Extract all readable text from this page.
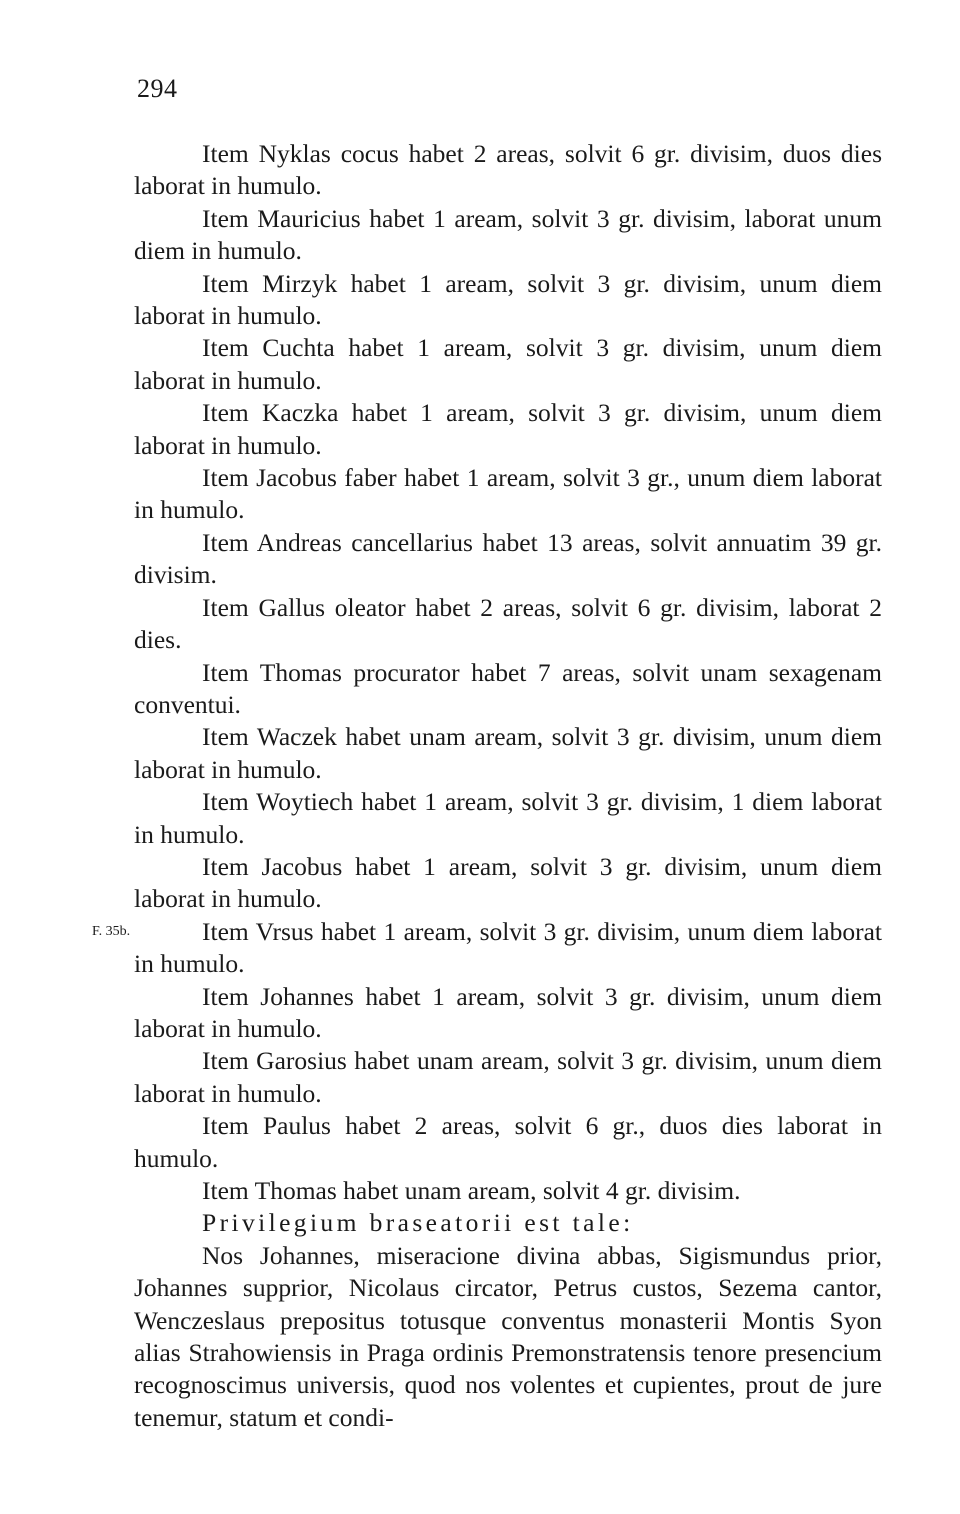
294
F. 35b.

Item Nyklas cocus habet 2 areas, solvit 6 gr. divisim, duos dies laborat in humulo.

Item Mauricius habet 1 aream, solvit 3 gr. divisim, laborat unum diem in humulo.

Item Mirzyk habet 1 aream, solvit 3 gr. divisim, unum diem laborat in humulo.

Item Cuchta habet 1 aream, solvit 3 gr. divisim, unum diem laborat in humulo.

Item Kaczka habet 1 aream, solvit 3 gr. divisim, unum diem laborat in humulo.

Item Jacobus faber habet 1 aream, solvit 3 gr., unum diem laborat in humulo.

Item Andreas cancellarius habet 13 areas, solvit annuatim 39 gr. divisim.

Item Gallus oleator habet 2 areas, solvit 6 gr. divisim, laborat 2 dies.

Item Thomas procurator habet 7 areas, solvit unam sexagenam conventui.

Item Waczek habet unam aream, solvit 3 gr. divisim, unum diem laborat in humulo.

Item Woytiech habet 1 aream, solvit 3 gr. divisim, 1 diem laborat in humulo.

Item Jacobus habet 1 aream, solvit 3 gr. divisim, unum diem laborat in humulo.

Item Vrsus habet 1 aream, solvit 3 gr. divisim, unum diem laborat in humulo.

Item Johannes habet 1 aream, solvit 3 gr. divisim, unum diem laborat in humulo.

Item Garosius habet unam aream, solvit 3 gr. divisim, unum diem laborat in humulo.

Item Paulus habet 2 areas, solvit 6 gr., duos dies laborat in humulo.

Item Thomas habet unam aream, solvit 4 gr. divisim.

Privilegium braseatorii est tale:

Nos Johannes, miseracione divina abbas, Sigismundus prior, Johannes supprior, Nicolaus circator, Petrus custos, Sezema cantor, Wenczeslaus prepositus totusque conventus monasterii Montis Syon alias Strahowiensis in Praga ordinis Premonstratensis tenore presencium recognoscimus universis, quod nos volentes et cupientes, prout de jure tenemur, statum et condi-
